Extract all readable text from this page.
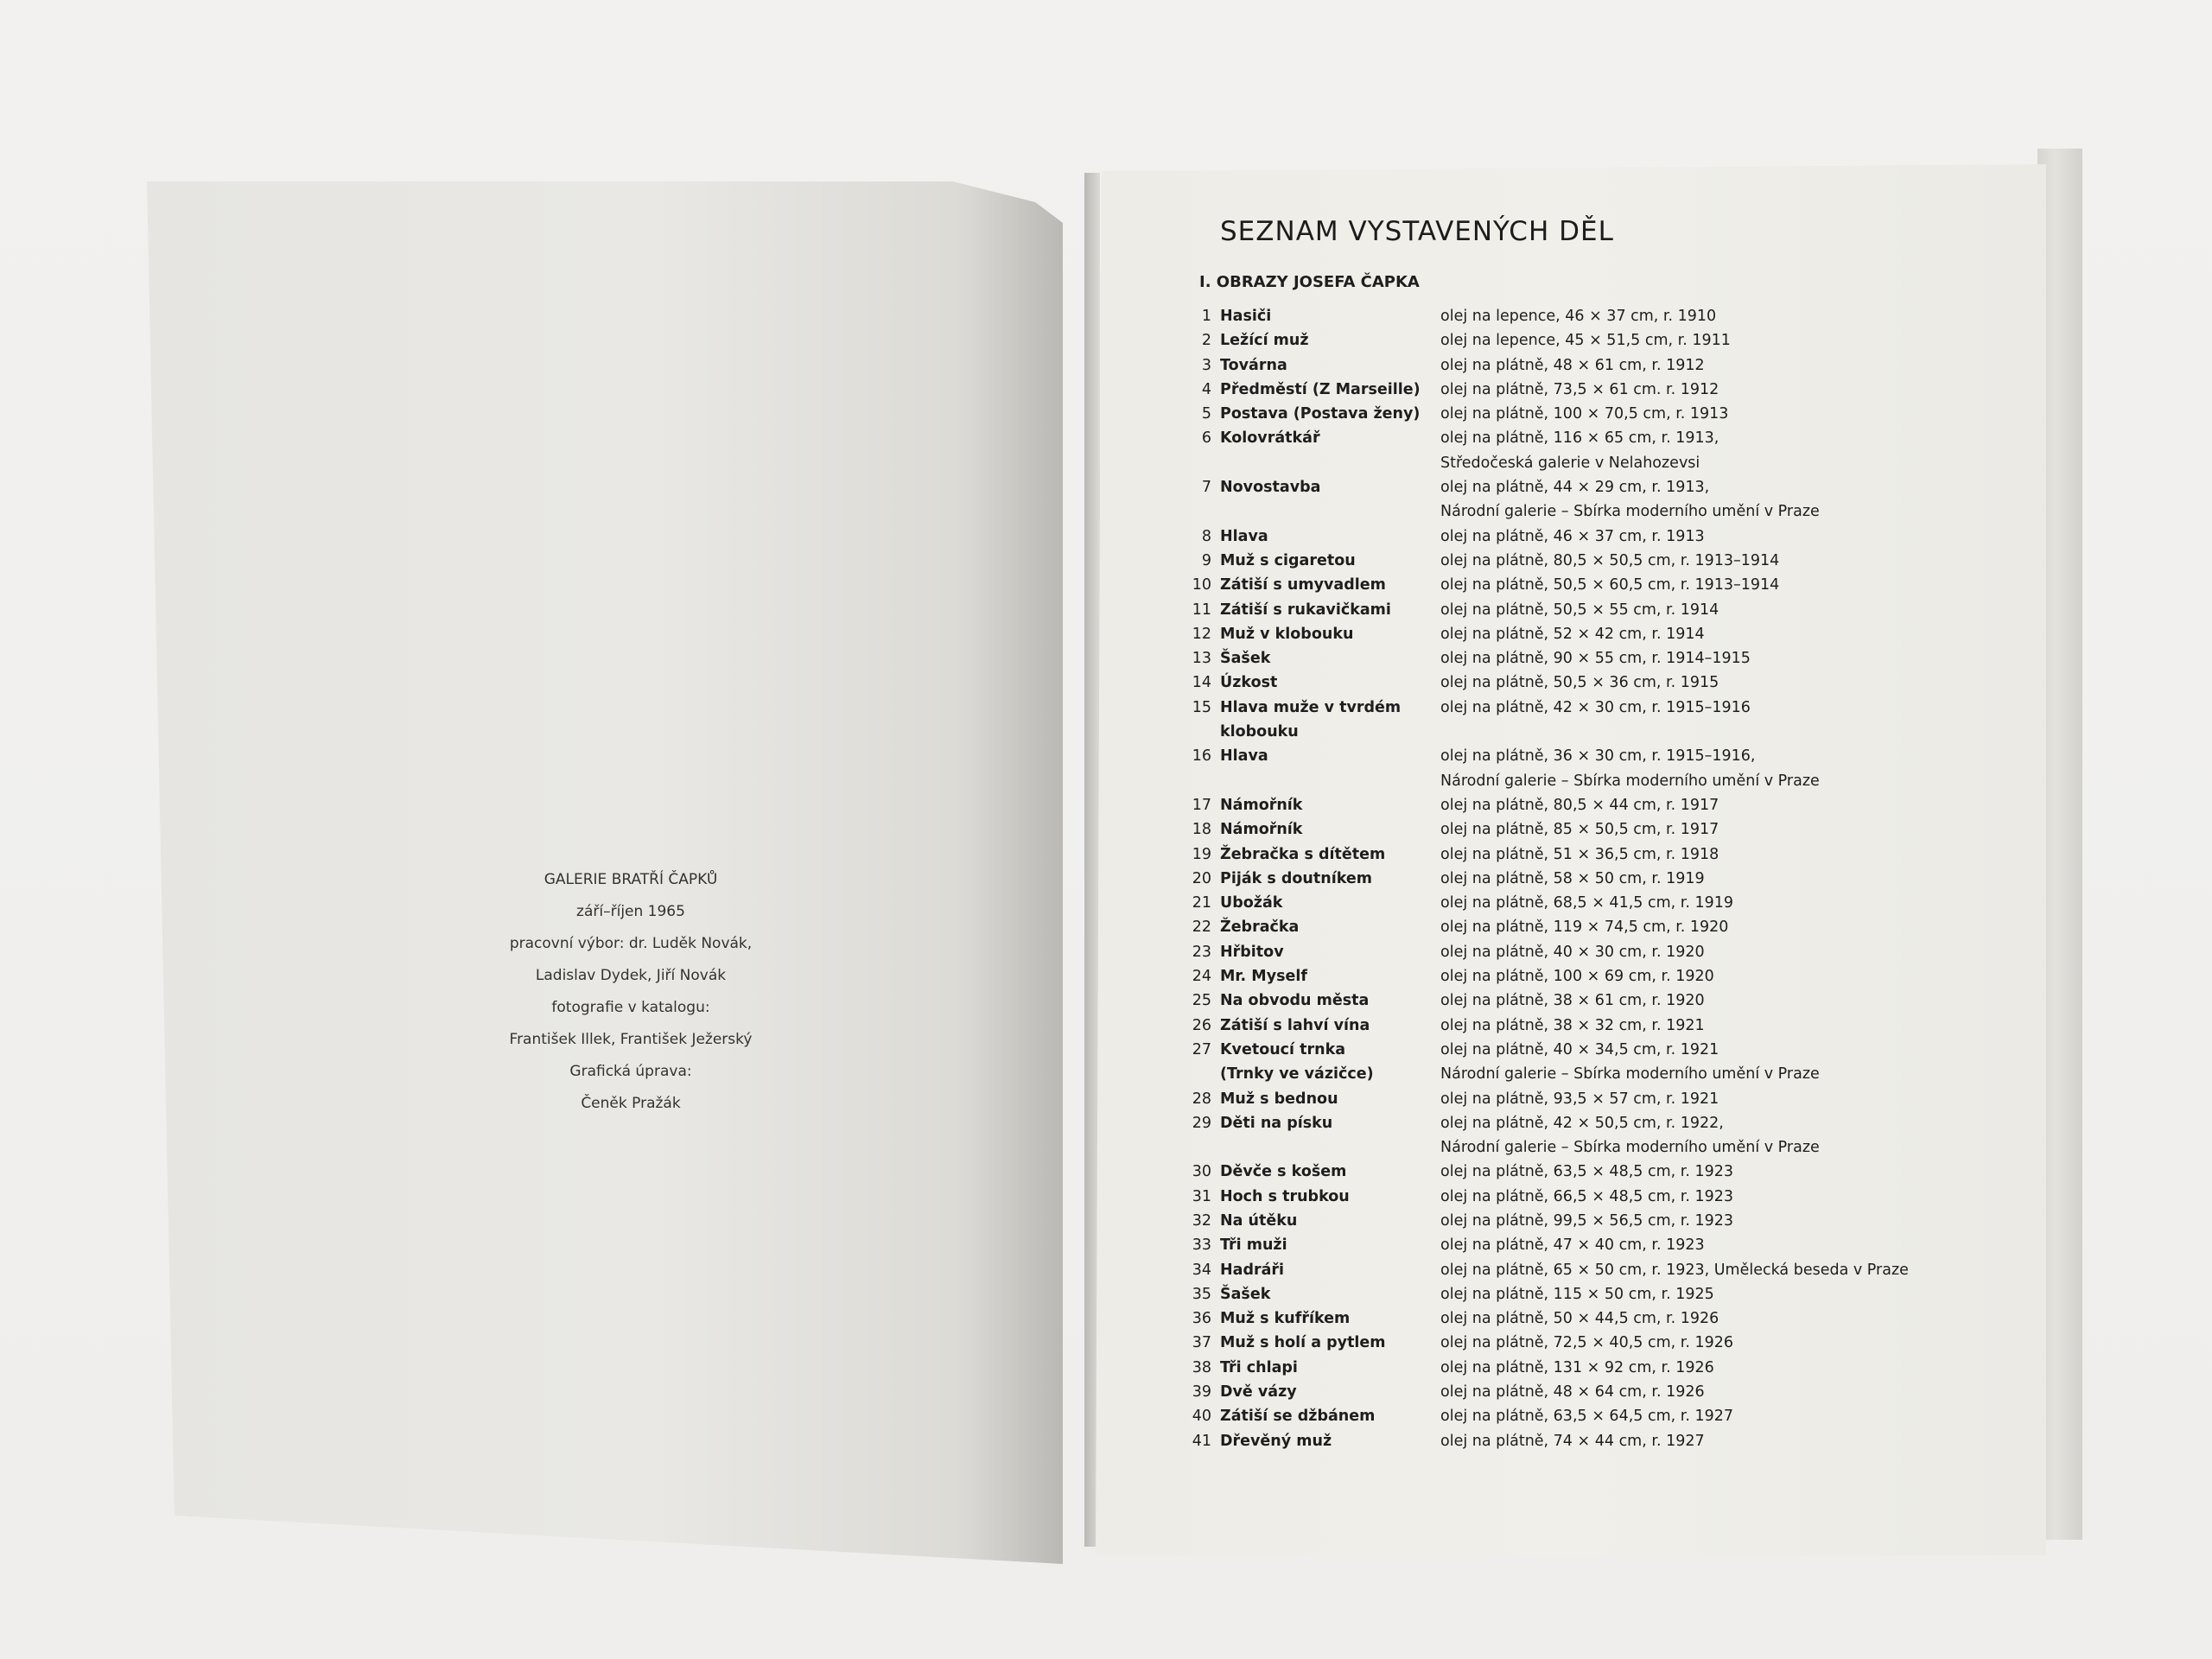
GALERIE BRATŘÍ ČAPKŮ
září–říjen 1965
pracovní výbor: dr. Luděk Novák,
Ladislav Dydek, Jiří Novák
fotografie v katalogu:
František Illek, František Ježerský
Grafická úprava:
Čeněk Pražák
SEZNAM VYSTAVENÝCH DĚL
I. OBRAZY JOSEFA ČAPKA
1 Hasiči	olej na lepence, 46 × 37 cm, r. 1910
2 Ležící muž	olej na lepence, 45 × 51,5 cm, r. 1911
3 Továrna	olej na plátně, 48 × 61 cm, r. 1912
4 Předměstí (Z Marseille)	olej na plátně, 73,5 × 61 cm. r. 1912
5 Postava (Postava ženy)	olej na plátně, 100 × 70,5 cm, r. 1913
6 Kolovrátkář	olej na plátně, 116 × 65 cm, r. 1913,
Středočeská galerie v Nelahozevsi
7 Novostavba	olej na plátně, 44 × 29 cm, r. 1913,
Národní galerie – Sbírka moderního umění v Praze
8 Hlava	olej na plátně, 46 × 37 cm, r. 1913
9 Muž s cigaretou	olej na plátně, 80,5 × 50,5 cm, r. 1913–1914
10 Zátiší s umyvadlem	olej na plátně, 50,5 × 60,5 cm, r. 1913–1914
11 Zátiší s rukavičkami	olej na plátně, 50,5 × 55 cm, r. 1914
12 Muž v klobouku	olej na plátně, 52 × 42 cm, r. 1914
13 Šašek	olej na plátně, 90 × 55 cm, r. 1914–1915
14 Úzkost	olej na plátně, 50,5 × 36 cm, r. 1915
15 Hlava muže v tvrdém	olej na plátně, 42 × 30 cm, r. 1915–1916
klobouku
16 Hlava	olej na plátně, 36 × 30 cm, r. 1915–1916,
Národní galerie – Sbírka moderního umění v Praze
17 Námořník	olej na plátně, 80,5 × 44 cm, r. 1917
18 Námořník	olej na plátně, 85 × 50,5 cm, r. 1917
19 Žebračka s dítětem	olej na plátně, 51 × 36,5 cm, r. 1918
20 Piják s doutníkem	olej na plátně, 58 × 50 cm, r. 1919
21 Ubožák	olej na plátně, 68,5 × 41,5 cm, r. 1919
22 Žebračka	olej na plátně, 119 × 74,5 cm, r. 1920
23 Hřbitov	olej na plátně, 40 × 30 cm, r. 1920
24 Mr. Myself	olej na plátně, 100 × 69 cm, r. 1920
25 Na obvodu města	olej na plátně, 38 × 61 cm, r. 1920
26 Zátiší s lahví vína	olej na plátně, 38 × 32 cm, r. 1921
27 Kvetoucí trnka	olej na plátně, 40 × 34,5 cm, r. 1921
(Trnky ve vázičce)	Národní galerie – Sbírka moderního umění v Praze
28 Muž s bednou	olej na plátně, 93,5 × 57 cm, r. 1921
29 Děti na písku	olej na plátně, 42 × 50,5 cm, r. 1922,
Národní galerie – Sbírka moderního umění v Praze
30 Děvče s košem	olej na plátně, 63,5 × 48,5 cm, r. 1923
31 Hoch s trubkou	olej na plátně, 66,5 × 48,5 cm, r. 1923
32 Na útěku	olej na plátně, 99,5 × 56,5 cm, r. 1923
33 Tři muži	olej na plátně, 47 × 40 cm, r. 1923
34 Hadráři	olej na plátně, 65 × 50 cm, r. 1923, Umělecká beseda v Praze
35 Šašek	olej na plátně, 115 × 50 cm, r. 1925
36 Muž s kufříkem	olej na plátně, 50 × 44,5 cm, r. 1926
37 Muž s holí a pytlem	olej na plátně, 72,5 × 40,5 cm, r. 1926
38 Tři chlapi	olej na plátně, 131 × 92 cm, r. 1926
39 Dvě vázy	olej na plátně, 48 × 64 cm, r. 1926
40 Zátiší se džbánem	olej na plátně, 63,5 × 64,5 cm, r. 1927
41 Dřevěný muž	olej na plátně, 74 × 44 cm, r. 1927
